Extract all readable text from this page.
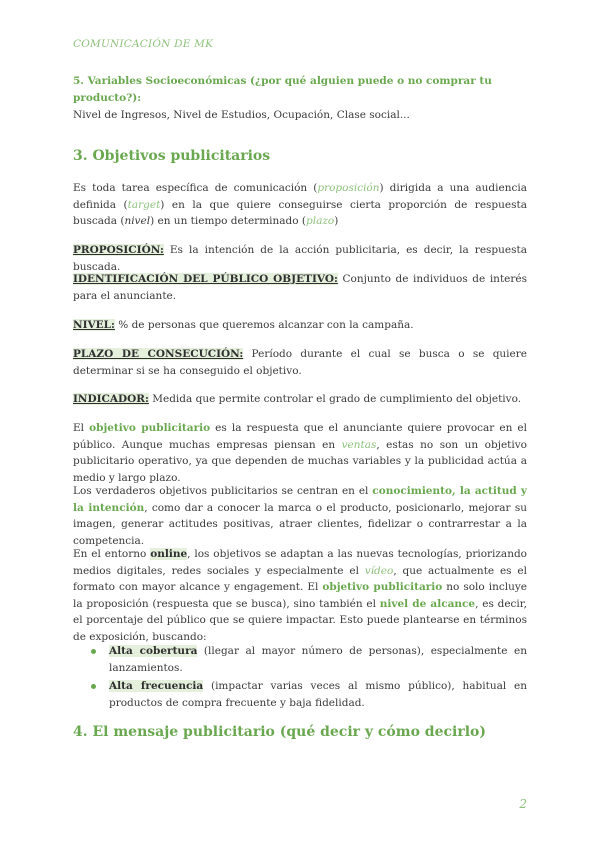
COMUNICACIÓN DE MK
5. Variables Socioeconómicas (¿por qué alguien puede o no comprar tu producto?):
Nivel de Ingresos, Nivel de Estudios, Ocupación, Clase social...
3. Objetivos publicitarios
Es toda tarea específica de comunicación (proposición) dirigida a una audiencia definida (target) en la que quiere conseguirse cierta proporción de respuesta buscada (nivel) en un tiempo determinado (plazo)
PROPOSICIÓN: Es la intención de la acción publicitaria, es decir, la respuesta buscada.
IDENTIFICACIÓN DEL PÚBLICO OBJETIVO: Conjunto de individuos de interés para el anunciante.
NIVEL: % de personas que queremos alcanzar con la campaña.
PLAZO DE CONSECUCIÓN: Período durante el cual se busca o se quiere determinar si se ha conseguido el objetivo.
INDICADOR: Medida que permite controlar el grado de cumplimiento del objetivo.
El objetivo publicitario es la respuesta que el anunciante quiere provocar en el público. Aunque muchas empresas piensan en ventas, estas no son un objetivo publicitario operativo, ya que dependen de muchas variables y la publicidad actúa a medio y largo plazo.
Los verdaderos objetivos publicitarios se centran en el conocimiento, la actitud y la intención, como dar a conocer la marca o el producto, posicionarlo, mejorar su imagen, generar actitudes positivas, atraer clientes, fidelizar o contrarrestar a la competencia.
En el entorno online, los objetivos se adaptan a las nuevas tecnologías, priorizando medios digitales, redes sociales y especialmente el vídeo, que actualmente es el formato con mayor alcance y engagement. El objetivo publicitario no solo incluye la proposición (respuesta que se busca), sino también el nivel de alcance, es decir, el porcentaje del público que se quiere impactar. Esto puede plantearse en términos de exposición, buscando:
Alta cobertura (llegar al mayor número de personas), especialmente en lanzamientos.
Alta frecuencia (impactar varias veces al mismo público), habitual en productos de compra frecuente y baja fidelidad.
4. El mensaje publicitario (qué decir y cómo decirlo)
2
